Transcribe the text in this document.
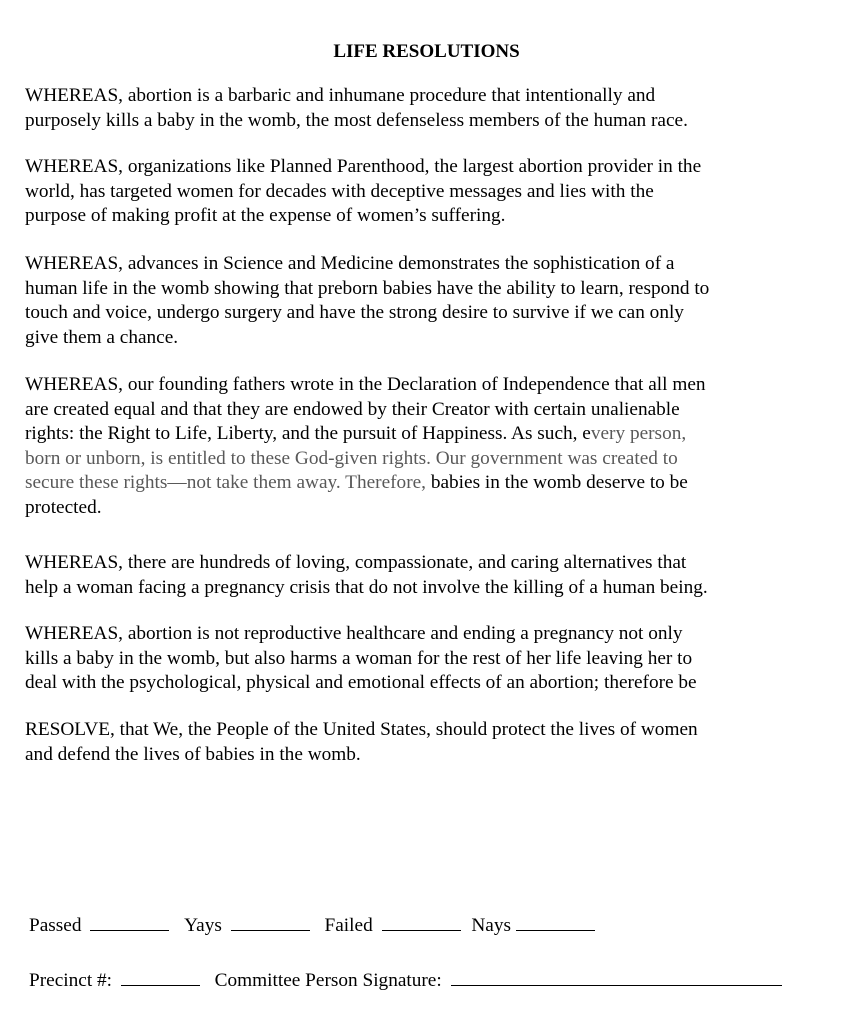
LIFE RESOLUTIONS

WHEREAS, abortion is a barbaric and inhumane procedure that intentionally and
purposely kills a baby in the womb, the most defenseless members of the human race.

WHEREAS, organizations like Planned Parenthood, the largest abortion provider in the
world, has targeted women for decades with deceptive messages and lies with the
purpose of making profit at the expense of women’s suffering.

WHEREAS, advances in Science and Medicine demonstrates the sophistication of a
human life in the womb showing that preborn babies have the ability to learn, respond to
touch and voice, undergo surgery and have the strong desire to survive if we can only
give them a chance.

WHEREAS, our founding fathers wrote in the Declaration of Independence that all men
are created equal and that they are endowed by their Creator with certain unalienable
rights: the Right to Life, Liberty, and the pursuit of Happiness. As such, every person,
born or unborn, is entitled to these God-given rights. Our government was created to
secure these rights—not take them away. Therefore, babies in the womb deserve to be
protected.

WHEREAS, there are hundreds of loving, compassionate, and caring alternatives that
help a woman facing a pregnancy crisis that do not involve the killing of a human being.

WHEREAS, abortion is not reproductive healthcare and ending a pregnancy not only
kills a baby in the womb, but also harms a woman for the rest of her life leaving her to
deal with the psychological, physical and emotional effects of an abortion; therefore be

RESOLVE, that We, the People of the United States, should protect the lives of women
and defend the lives of babies in the womb.

Passed	Yays	Failed	Nays
Precinct #:	Committee Person Signature:
